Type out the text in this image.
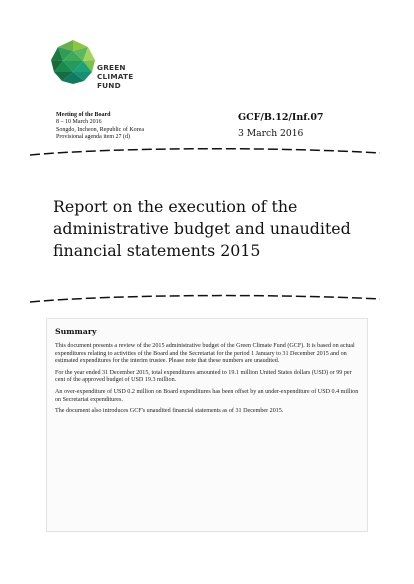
GREEN
CLIMATE
FUND

Meeting of the Board
8 – 10 March 2016
Songdo, Incheon, Republic of Korea
Provisional agenda item 27 (d)
GCF/B.12/Inf.07
3 March 2016
Report on the execution of the administrative budget and unaudited financial statements 2015

Summary

This document presents a review of the 2015 administrative budget of the Green Climate Fund (GCF). It is based on actual expenditures relating to activities of the Board and the Secretariat for the period 1 January to 31 December 2015 and on estimated expenditures for the interim trustee. Please note that these numbers are unaudited.

For the year ended 31 December 2015, total expenditures amounted to 19.1 million United States dollars (USD) or 99 per cent of the approved budget of USD 19.3 million.

An over-expenditure of USD 0.2 million on Board expenditures has been offset by an under-expenditure of USD 0.4 million on Secretariat expenditures.

The document also introduces GCF's unaudited financial statements as of 31 December 2015.
